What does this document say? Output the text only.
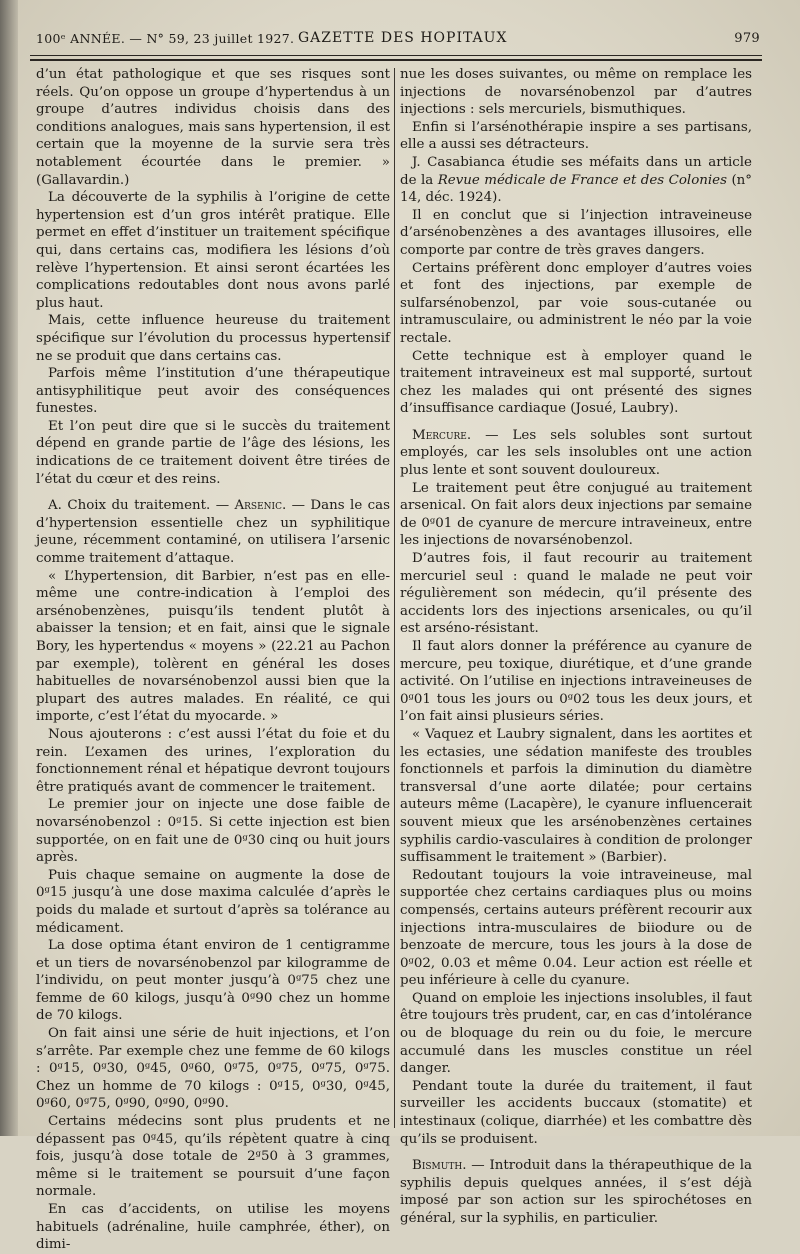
100ᵉ ANNÉE. — N° 59, 23 juillet 1927. GAZETTE DES HOPITAUX	979

d’un état pathologique et que ses risques sont réels. Qu’on oppose un groupe d’hypertendus à un groupe d’autres individus choisis dans des conditions analogues, mais sans hypertension, il est certain que la moyenne de la survie sera très notablement écourtée dans le premier. » (Gallavardin.)

La découverte de la syphilis à l’origine de cette hypertension est d’un gros intérêt pratique. Elle permet en effet d’instituer un traitement spécifique qui, dans certains cas, modifiera les lésions d’où relève l’hypertension. Et ainsi seront écartées les complications redoutables dont nous avons parlé plus haut.

Mais, cette influence heureuse du traitement spécifique sur l’évolution du processus hypertensif ne se produit que dans certains cas.

Parfois même l’institution d’une thérapeutique antisyphilitique peut avoir des conséquences funestes.

Et l’on peut dire que si le succès du traitement dépend en grande partie de l’âge des lésions, les indications de ce traitement doivent être tirées de l’état du cœur et des reins.

A. Choix du traitement. — Arsenic. — Dans le cas d’hypertension essentielle chez un syphilitique jeune, récemment contaminé, on utilisera l’arsenic comme traitement d’attaque.

« L’hypertension, dit Barbier, n’est pas en elle-même une contre-indication à l’emploi des arsénobenzènes, puisqu’ils tendent plutôt à abaisser la tension; et en fait, ainsi que le signale Bory, les hypertendus « moyens » (22.21 au Pachon par exemple), tolèrent en général les doses habituelles de novarsénobenzol aussi bien que la plupart des autres malades. En réalité, ce qui importe, c’est l’état du myocarde. »

Nous ajouterons : c’est aussi l’état du foie et du rein. L’examen des urines, l’exploration du fonctionnement rénal et hépatique devront toujours être pratiqués avant de commencer le traitement.

Le premier jour on injecte une dose faible de novarsénobenzol : 0ᵍ15. Si cette injection est bien supportée, on en fait une de 0ᵍ30 cinq ou huit jours après.

Puis chaque semaine on augmente la dose de 0ᵍ15 jusqu’à une dose maxima calculée d’après le poids du malade et surtout d’après sa tolérance au médicament.

La dose optima étant environ de 1 centigramme et un tiers de novarsénobenzol par kilogramme de l’individu, on peut monter jusqu’à 0ᵍ75 chez une femme de 60 kilogs, jusqu’à 0ᵍ90 chez un homme de 70 kilogs.

On fait ainsi une série de huit injections, et l’on s’arrête. Par exemple chez une femme de 60 kilogs : 0ᵍ15, 0ᵍ30, 0ᵍ45, 0ᵍ60, 0ᵍ75, 0ᵍ75, 0ᵍ75, 0ᵍ75. Chez un homme de 70 kilogs : 0ᵍ15, 0ᵍ30, 0ᵍ45, 0ᵍ60, 0ᵍ75, 0ᵍ90, 0ᵍ90, 0ᵍ90.

Certains médecins sont plus prudents et ne dépassent pas 0ᵍ45, qu’ils répètent quatre à cinq fois, jusqu’à dose totale de 2ᵍ50 à 3 grammes, même si le traitement se poursuit d’une façon normale.

En cas d’accidents, on utilise les moyens habituels (adrénaline, huile camphrée, éther), on dimi-

nue les doses suivantes, ou même on remplace les injections de novarsénobenzol par d’autres injections : sels mercuriels, bismuthiques.

Enfin si l’arsénothérapie inspire a ses partisans, elle a aussi ses détracteurs.

J. Casabianca étudie ses méfaits dans un article de la Revue médicale de France et des Colonies (n° 14, déc. 1924).

Il en conclut que si l’injection intraveineuse d’arsénobenzènes a des avantages illusoires, elle comporte par contre de très graves dangers.

Certains préfèrent donc employer d’autres voies et font des injections, par exemple de sulfarsénobenzol, par voie sous-cutanée ou intramusculaire, ou administrent le néo par la voie rectale.

Cette technique est à employer quand le traitement intraveineux est mal supporté, surtout chez les malades qui ont présenté des signes d’insuffisance cardiaque (Josué, Laubry).

Mercure. — Les sels solubles sont surtout employés, car les sels insolubles ont une action plus lente et sont souvent douloureux.

Le traitement peut être conjugué au traitement arsenical. On fait alors deux injections par semaine de 0ᵍ01 de cyanure de mercure intraveineux, entre les injections de novarsénobenzol.

D’autres fois, il faut recourir au traitement mercuriel seul : quand le malade ne peut voir régulièrement son médecin, qu’il présente des accidents lors des injections arsenicales, ou qu’il est arséno-résistant.

Il faut alors donner la préférence au cyanure de mercure, peu toxique, diurétique, et d’une grande activité. On l’utilise en injections intraveineuses de 0ᵍ01 tous les jours ou 0ᵍ02 tous les deux jours, et l’on fait ainsi plusieurs séries.

« Vaquez et Laubry signalent, dans les aortites et les ectasies, une sédation manifeste des troubles fonctionnels et parfois la diminution du diamètre transversal d’une aorte dilatée; pour certains auteurs même (Lacapère), le cyanure influencerait souvent mieux que les arsénobenzènes certaines syphilis cardio-vasculaires à condition de prolonger suffisamment le traitement » (Barbier).

Redoutant toujours la voie intraveineuse, mal supportée chez certains cardiaques plus ou moins compensés, certains auteurs préfèrent recourir aux injections intra-musculaires de biiodure ou de benzoate de mercure, tous les jours à la dose de 0ᵍ02, 0.03 et même 0.04. Leur action est réelle et peu inférieure à celle du cyanure.

Quand on emploie les injections insolubles, il faut être toujours très prudent, car, en cas d’intolérance ou de bloquage du rein ou du foie, le mercure accumulé dans les muscles constitue un réel danger.

Pendant toute la durée du traitement, il faut surveiller les accidents buccaux (stomatite) et intestinaux (colique, diarrhée) et les combattre dès qu’ils se produisent.

Bismuth. — Introduit dans la thérapeuthique de la syphilis depuis quelques années, il s’est déjà imposé par son action sur les spirochétoses en général, sur la syphilis, en particulier.
